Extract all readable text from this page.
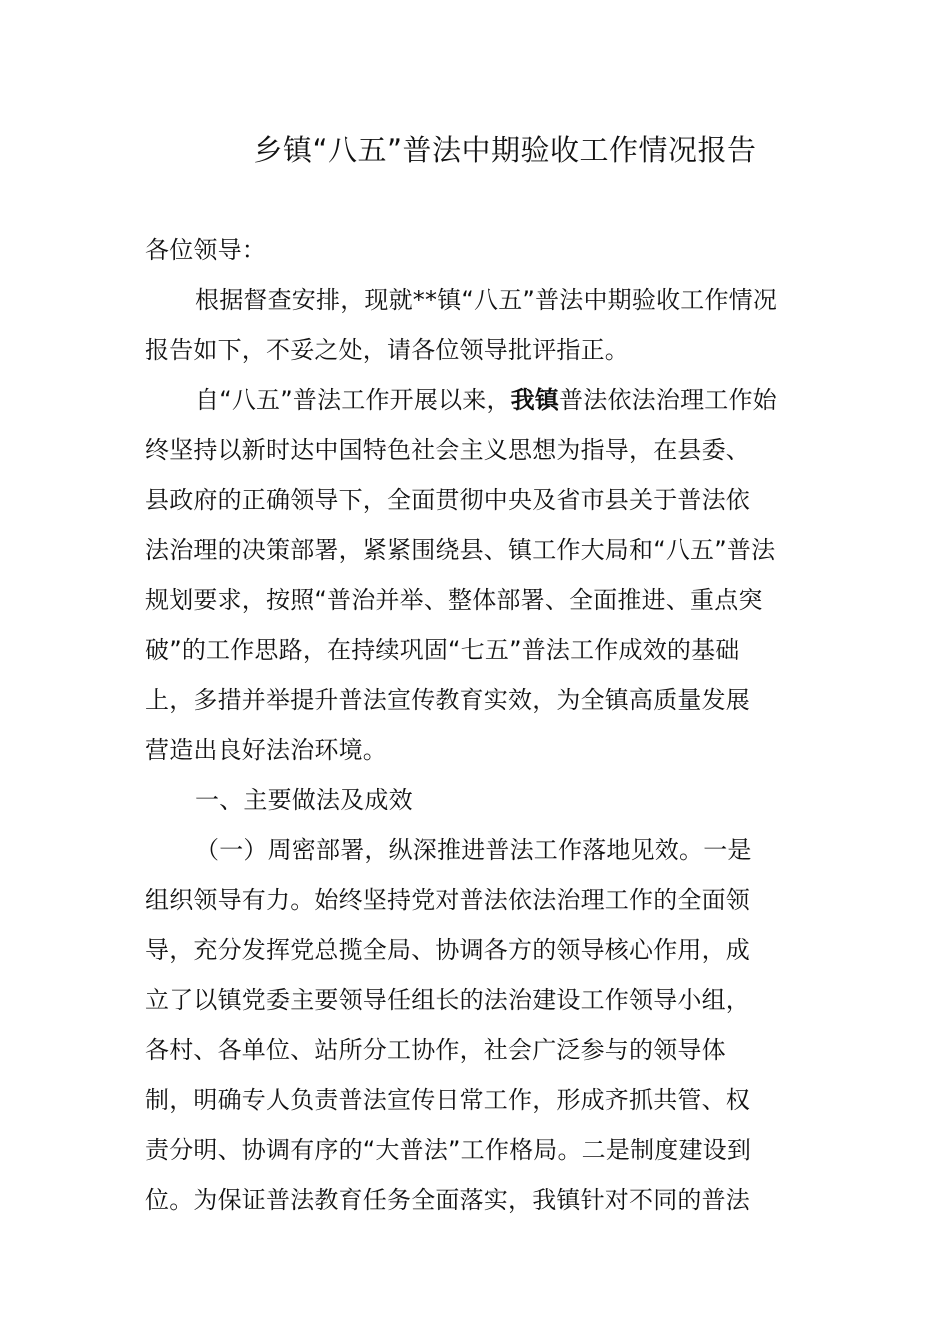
乡镇“八五”普法中期验收工作情况报告
各位领导：
根据督查安排，现就**镇“八五”普法中期验收工作情况
报告如下，不妥之处，请各位领导批评指正。
自“八五”普法工作开展以来，我镇普法依法治理工作始
终坚持以新时达中国特色社会主义思想为指导，在县委、
县政府的正确领导下，全面贯彻中央及省市县关于普法依
法治理的决策部署，紧紧围绕县、镇工作大局和“八五”普法
规划要求，按照“普治并举、整体部署、全面推进、重点突
破”的工作思路，在持续巩固“七五”普法工作成效的基础
上，多措并举提升普法宣传教育实效，为全镇高质量发展
营造出良好法治环境。
一、主要做法及成效
（一）周密部署，纵深推进普法工作落地见效。一是
组织领导有力。始终坚持党对普法依法治理工作的全面领
导，充分发挥党总揽全局、协调各方的领导核心作用，成
立了以镇党委主要领导任组长的法治建设工作领导小组，
各村、各单位、站所分工协作，社会广泛参与的领导体
制，明确专人负责普法宣传日常工作，形成齐抓共管、权
责分明、协调有序的“大普法”工作格局。二是制度建设到
位。为保证普法教育任务全面落实，我镇针对不同的普法
